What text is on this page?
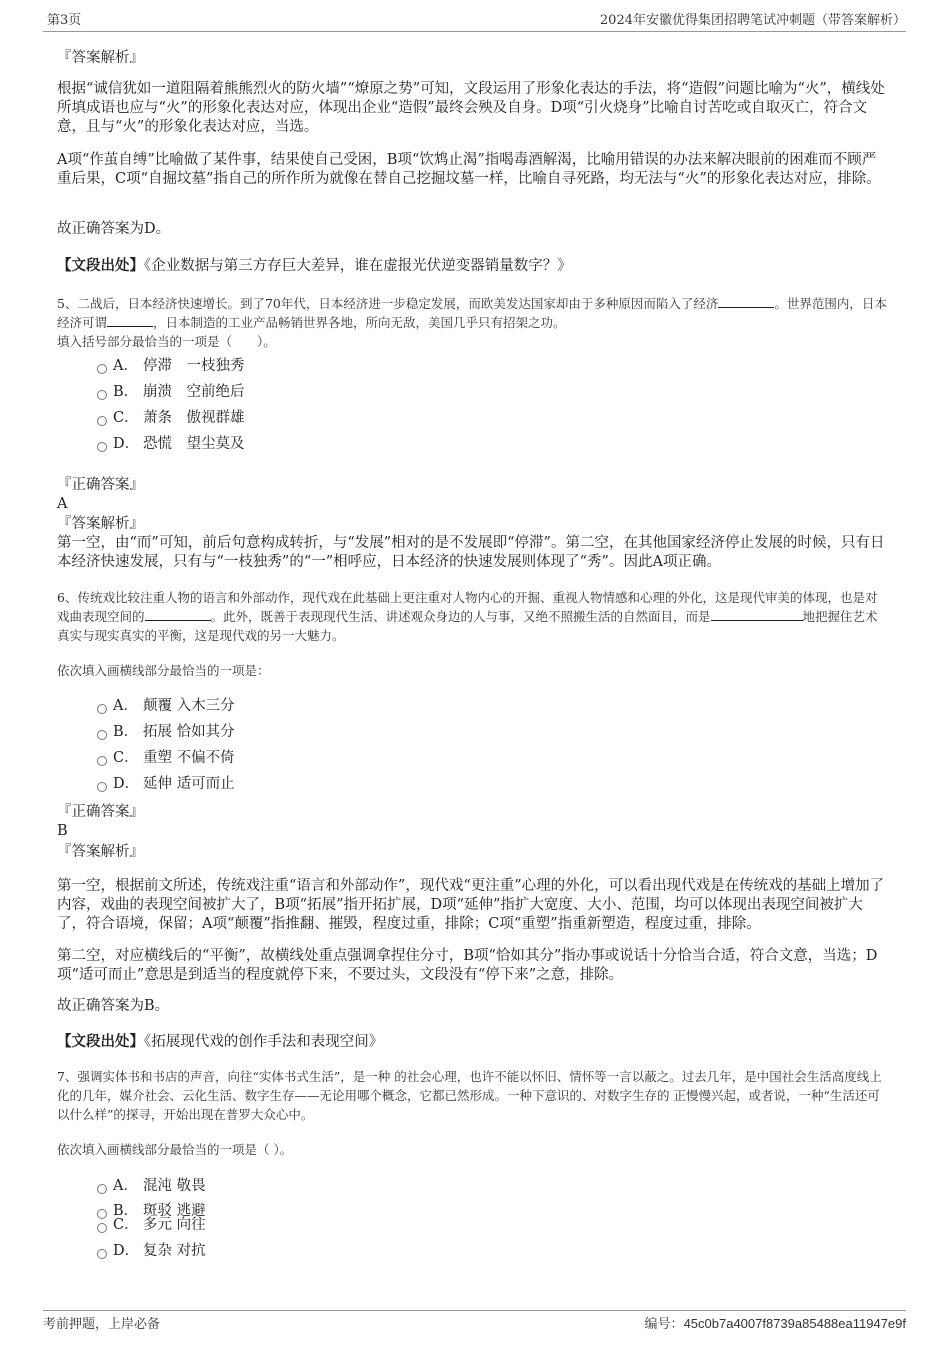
第3页	2024年安徽优得集团招聘笔试冲刺题（带答案解析）
『答案解析』
根据“诚信犹如一道阻隔着熊熊烈火的防火墙”“燎原之势”可知，文段运用了形象化表达的手法，将“造假”问题比喻为“火”，横线处所填成语也应与“火”的形象化表达对应，体现出企业“造假”最终会殃及自身。D项“引火烧身”比喻自讨苦吃或自取灭亡，符合文意，且与“火”的形象化表达对应，当选。
A项“作茧自缚”比喻做了某件事，结果使自己受困，B项“饮鸩止渴”指喝毒酒解渴，比喻用错误的办法来解决眼前的困难而不顾严重后果，C项“自掘坟墓”指自己的所作所为就像在替自己挖掘坟墓一样，比喻自寻死路，均无法与“火”的形象化表达对应，排除。
故正确答案为D。
【文段出处】《企业数据与第三方存巨大差异，谁在虚报光伏逆变器销量数字？》
5、二战后，日本经济快速增长。到了70年代，日本经济进一步稳定发展，而欧美发达国家却由于多种原因而陷入了经济	。世界范围内，日本经济可谓	，日本制造的工业产品畅销世界各地，所向无敌，美国几乎只有招架之功。
填入括号部分最恰当的一项是（　　）。
A． 停滞　一枝独秀
B． 崩溃　空前绝后
C． 萧条　傲视群雄
D． 恐慌　望尘莫及
『正确答案』
A
『答案解析』
第一空，由“而”可知，前后句意构成转折，与“发展”相对的是不发展即“停滞”。第二空，在其他国家经济停止发展的时候，只有日本经济快速发展，只有与“一枝独秀”的“一”相呼应，日本经济的快速发展则体现了“秀”。因此A项正确。
6、传统戏比较注重人物的语言和外部动作，现代戏在此基础上更注重对人物内心的开掘、重视人物情感和心理的外化，这是现代审美的体现，也是对戏曲表现空间的	。此外，既善于表现现代生活、讲述观众身边的人与事，又绝不照搬生活的自然面目，而是	地把握住艺术真实与现实真实的平衡，这是现代戏的另一大魅力。
依次填入画横线部分最恰当的一项是：
A． 颠覆 入木三分
B． 拓展 恰如其分
C． 重塑 不偏不倚
D． 延伸 适可而止
『正确答案』
B
『答案解析』
第一空，根据前文所述，传统戏注重“语言和外部动作”，现代戏“更注重”心理的外化，可以看出现代戏是在传统戏的基础上增加了内容，戏曲的表现空间被扩大了，B项“拓展”指开拓扩展，D项“延伸”指扩大宽度、大小、范围，均可以体现出表现空间被扩大了，符合语境，保留；A项“颠覆”指推翻、摧毁，程度过重，排除；C项“重塑”指重新塑造，程度过重，排除。
第二空，对应横线后的“平衡”，故横线处重点强调拿捏住分寸，B项“恰如其分”指办事或说话十分恰当合适，符合文意，当选；D项“适可而止”意思是到适当的程度就停下来，不要过头，文段没有“停下来”之意，排除。
故正确答案为B。
【文段出处】《拓展现代戏的创作手法和表现空间》
7、强调实体书和书店的声音，向往“实体书式生活”，是一种 的社会心理，也许不能以怀旧、情怀等一言以蔽之。过去几年，是中国社会生活高度线上化的几年，媒介社会、云化生活、数字生存——无论用哪个概念，它都已然形成。一种下意识的、对数字生存的 正慢慢兴起，或者说，一种“生活还可以什么样”的探寻，开始出现在普罗大众心中。
依次填入画横线部分最恰当的一项是（ ）。
A． 混沌 敬畏
B． 斑驳 逃避
C． 多元 向往
D． 复杂 对抗
考前押题，上岸必备	编号：45c0b7a4007f8739a85488ea11947e9f
